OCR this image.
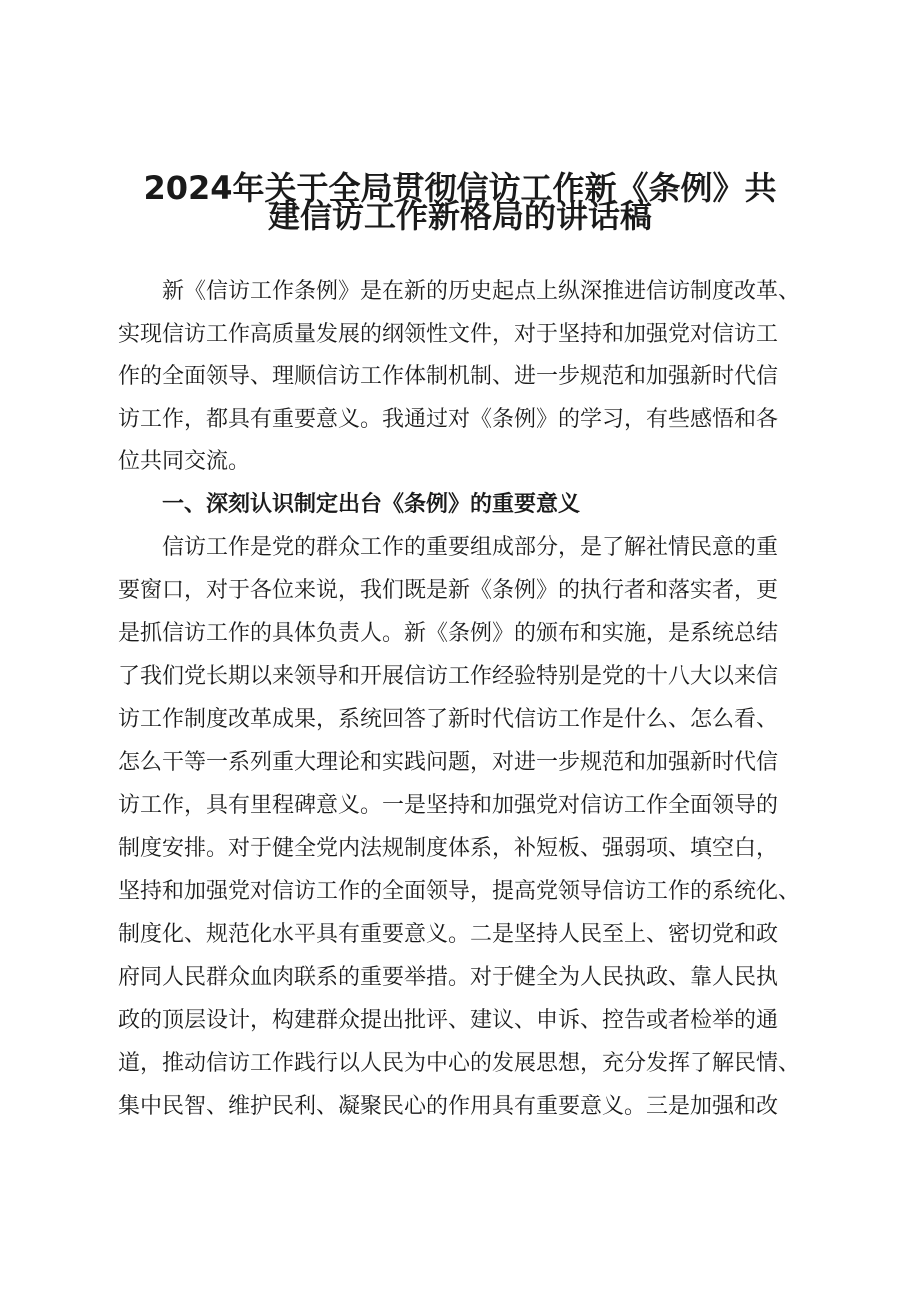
2024年关于全局贯彻信访工作新《条例》共
建信访工作新格局的讲话稿

新《信访工作条例》是在新的历史起点上纵深推进信访制度改革、

实现信访工作高质量发展的纲领性文件，对于坚持和加强党对信访工

作的全面领导、理顺信访工作体制机制、进一步规范和加强新时代信

访工作，都具有重要意义。我通过对《条例》的学习，有些感悟和各

位共同交流。

一、深刻认识制定出台《条例》的重要意义

信访工作是党的群众工作的重要组成部分，是了解社情民意的重

要窗口，对于各位来说，我们既是新《条例》的执行者和落实者，更

是抓信访工作的具体负责人。新《条例》的颁布和实施，是系统总结

了我们党长期以来领导和开展信访工作经验特别是党的十八大以来信

访工作制度改革成果，系统回答了新时代信访工作是什么、怎么看、

怎么干等一系列重大理论和实践问题，对进一步规范和加强新时代信

访工作，具有里程碑意义。一是坚持和加强党对信访工作全面领导的

制度安排。对于健全党内法规制度体系，补短板、强弱项、填空白，

坚持和加强党对信访工作的全面领导，提高党领导信访工作的系统化、

制度化、规范化水平具有重要意义。二是坚持人民至上、密切党和政

府同人民群众血肉联系的重要举措。对于健全为人民执政、靠人民执

政的顶层设计，构建群众提出批评、建议、申诉、控告或者检举的通

道，推动信访工作践行以人民为中心的发展思想，充分发挥了解民情、

集中民智、维护民利、凝聚民心的作用具有重要意义。三是加强和改
